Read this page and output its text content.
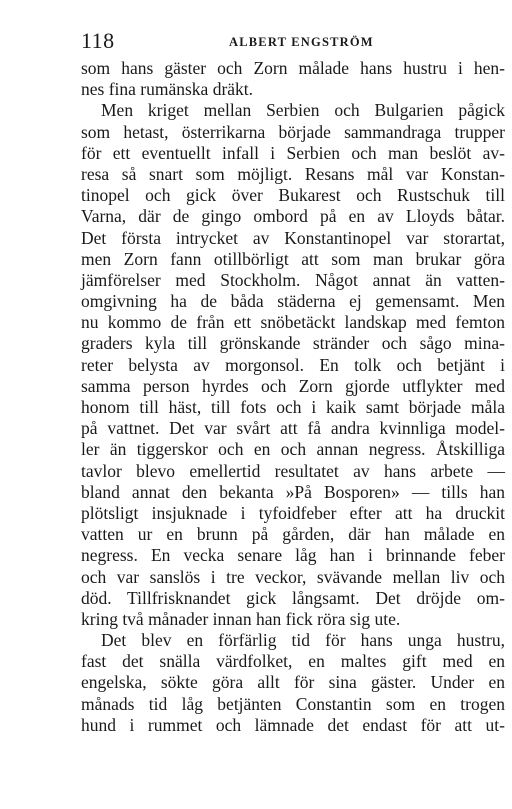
118	ALBERT ENGSTRÖM
som hans gäster och Zorn målade hans hustru i hen-
nes fina rumänska dräkt.
Men kriget mellan Serbien och Bulgarien pågick
som hetast, österrikarna började sammandraga trupper
för ett eventuellt infall i Serbien och man beslöt av-
resa så snart som möjligt. Resans mål var Konstan-
tinopel och gick över Bukarest och Rustschuk till
Varna, där de gingo ombord på en av Lloyds båtar.
Det första intrycket av Konstantinopel var storartat,
men Zorn fann otillbörligt att som man brukar göra
jämförelser med Stockholm. Något annat än vatten-
omgivning ha de båda städerna ej gemensamt. Men
nu kommo de från ett snöbetäckt landskap med femton
graders kyla till grönskande stränder och sågo mina-
reter belysta av morgonsol. En tolk och betjänt i
samma person hyrdes och Zorn gjorde utflykter med
honom till häst, till fots och i kaik samt började måla
på vattnet. Det var svårt att få andra kvinnliga model-
ler än tiggerskor och en och annan negress. Åtskilliga
tavlor blevo emellertid resultatet av hans arbete —
bland annat den bekanta »På Bosporen» — tills han
plötsligt insjuknade i tyfoidfeber efter att ha druckit
vatten ur en brunn på gården, där han målade en
negress. En vecka senare låg han i brinnande feber
och var sanslös i tre veckor, svävande mellan liv och
död. Tillfrisknandet gick långsamt. Det dröjde om-
kring två månader innan han fick röra sig ute.
Det blev en förfärlig tid för hans unga hustru,
fast det snälla värdfolket, en maltes gift med en
engelska, sökte göra allt för sina gäster. Under en
månads tid låg betjänten Constantin som en trogen
hund i rummet och lämnade det endast för att ut-
